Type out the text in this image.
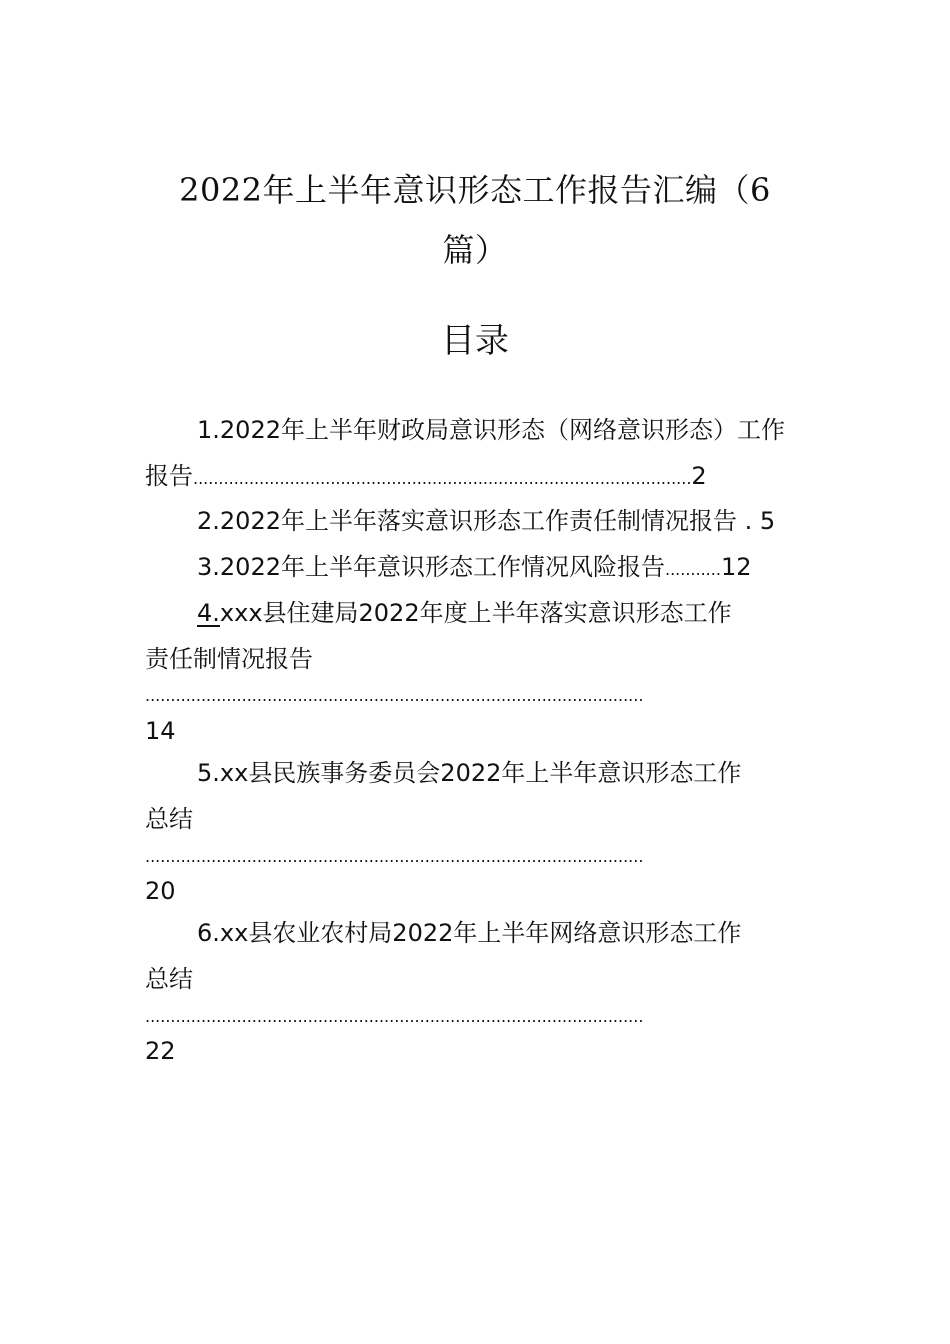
2022年上半年意识形态工作报告汇编（6
篇）
目录
1.2022年上半年财政局意识形态（网络意识形态）工作
报告..................................................................................................2
2.2022年上半年落实意识形态工作责任制情况报告 . 5
3.2022年上半年意识形态工作情况风险报告...........12
4.xxx县住建局2022年度上半年落实意识形态工作
责任制情况报告
..................................................................................................
14
5.xx县民族事务委员会2022年上半年意识形态工作
总结
..................................................................................................
20
6.xx县农业农村局2022年上半年网络意识形态工作
总结
..................................................................................................
22
